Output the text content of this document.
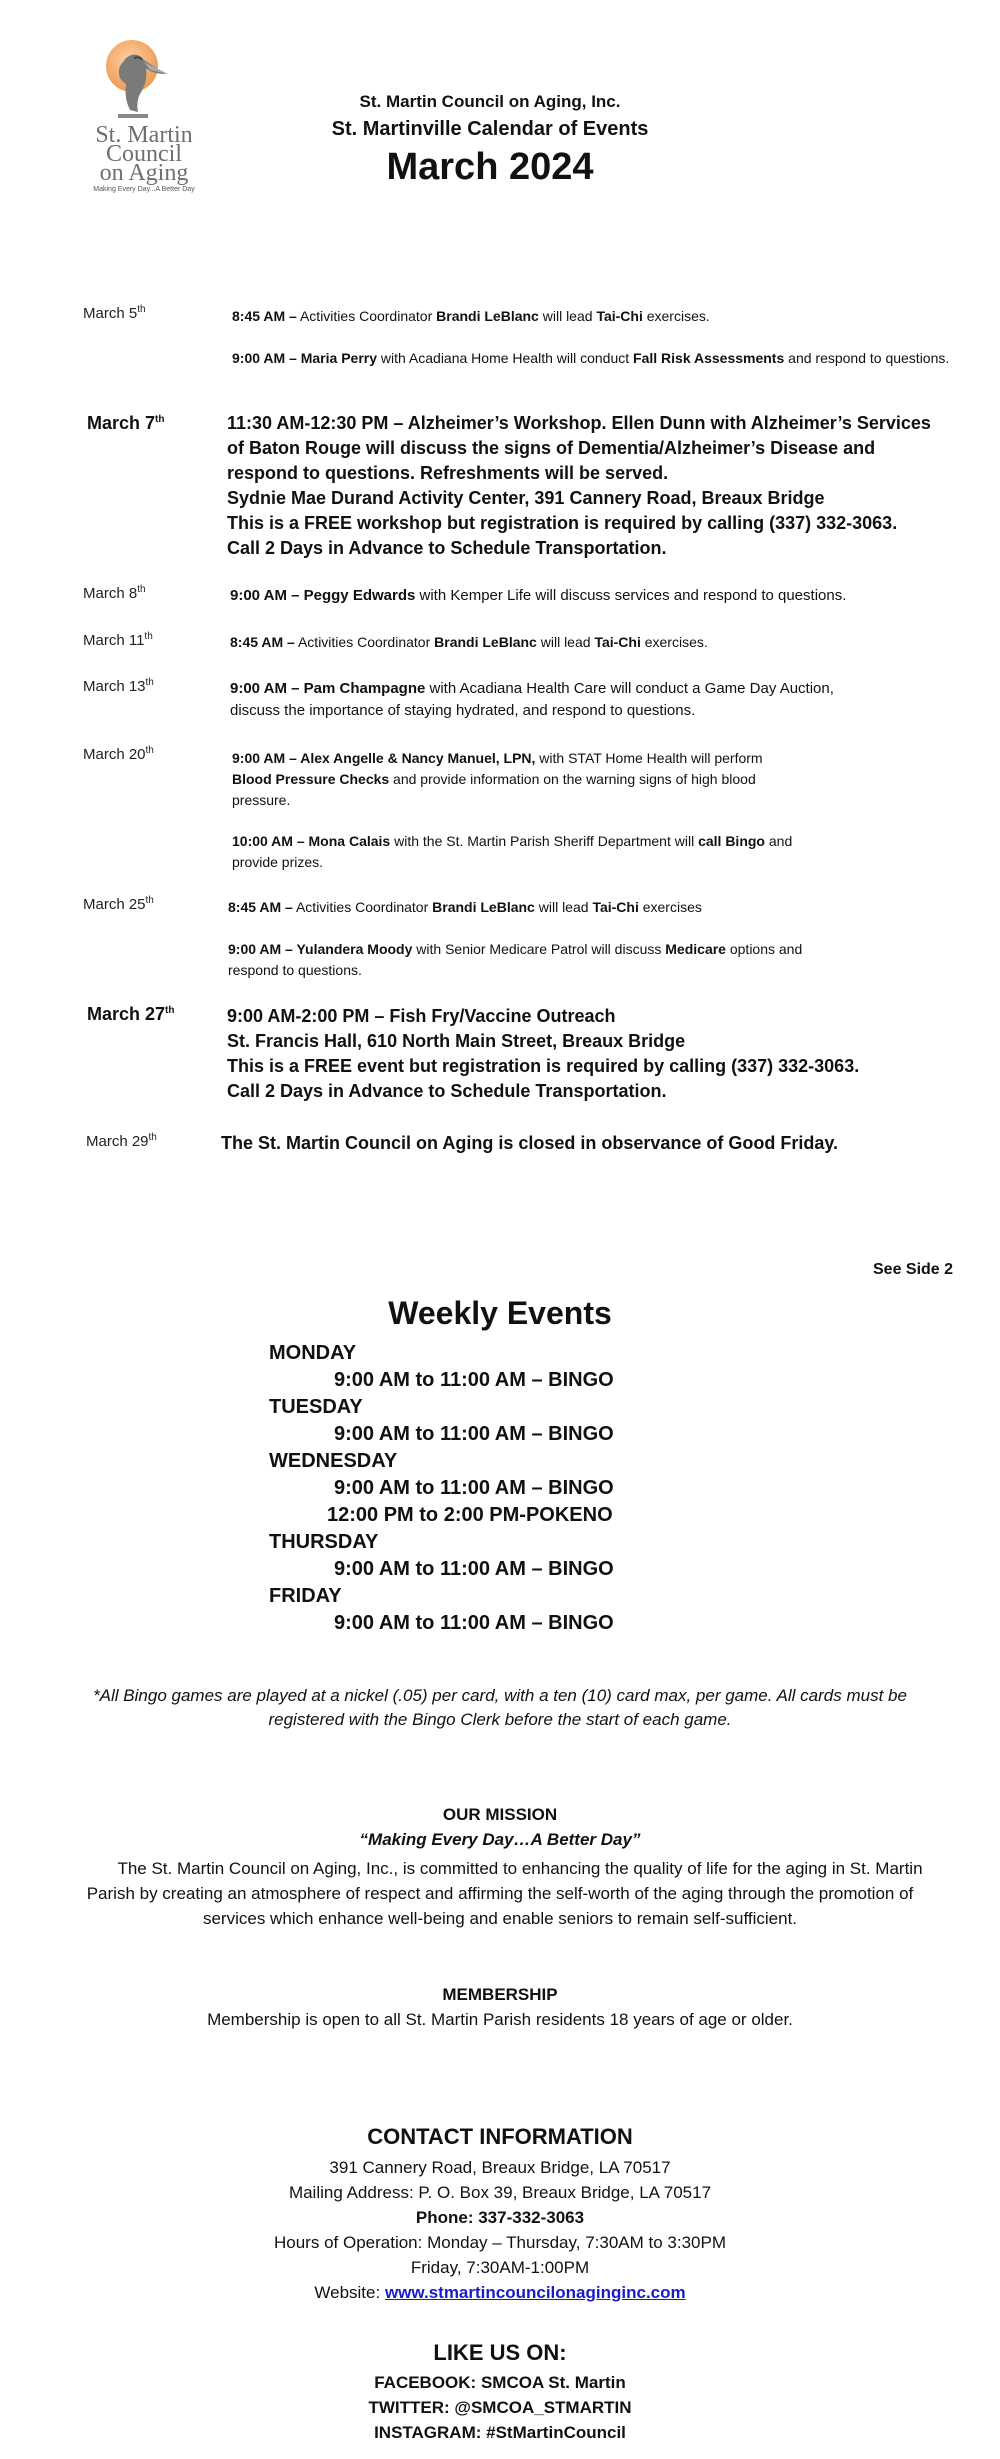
St. Martin
Council
on Aging
Making Every Day...A Better Day
St. Martin Council on Aging, Inc.
St. Martinville Calendar of Events
March 2024
March 5th	8:45 AM – Activities Coordinator Brandi LeBlanc will lead Tai-Chi exercises.
9:00 AM – Maria Perry with Acadiana Home Health will conduct Fall Risk Assessments and respond to questions.
March 7th	11:30 AM-12:30 PM – Alzheimer’s Workshop. Ellen Dunn with Alzheimer’s Services
of Baton Rouge will discuss the signs of Dementia/Alzheimer’s Disease and
respond to questions. Refreshments will be served.
Sydnie Mae Durand Activity Center, 391 Cannery Road, Breaux Bridge
This is a FREE workshop but registration is required by calling (337) 332-3063.
Call 2 Days in Advance to Schedule Transportation.
March 8th	9:00 AM – Peggy Edwards with Kemper Life will discuss services and respond to questions.
March 11th	8:45 AM – Activities Coordinator Brandi LeBlanc will lead Tai-Chi exercises.
March 13th	9:00 AM – Pam Champagne with Acadiana Health Care will conduct a Game Day Auction,
discuss the importance of staying hydrated, and respond to questions.
March 20th	9:00 AM – Alex Angelle & Nancy Manuel, LPN, with STAT Home Health will perform
Blood Pressure Checks and provide information on the warning signs of high blood
pressure.
10:00 AM – Mona Calais with the St. Martin Parish Sheriff Department will call Bingo and
provide prizes.
March 25th	8:45 AM – Activities Coordinator Brandi LeBlanc will lead Tai-Chi exercises
9:00 AM – Yulandera Moody with Senior Medicare Patrol will discuss Medicare options and
respond to questions.
March 27th	9:00 AM-2:00 PM – Fish Fry/Vaccine Outreach
St. Francis Hall, 610 North Main Street, Breaux Bridge
This is a FREE event but registration is required by calling (337) 332-3063.
Call 2 Days in Advance to Schedule Transportation.
March 29th	The St. Martin Council on Aging is closed in observance of Good Friday.
See Side 2
Weekly Events
MONDAY
9:00 AM to 11:00 AM – BINGO
TUESDAY
9:00 AM to 11:00 AM – BINGO
WEDNESDAY
9:00 AM to 11:00 AM – BINGO
12:00 PM to 2:00 PM-POKENO
THURSDAY
9:00 AM to 11:00 AM – BINGO
FRIDAY
9:00 AM to 11:00 AM – BINGO
*All Bingo games are played at a nickel (.05) per card, with a ten (10) card max, per game. All cards must be
registered with the Bingo Clerk before the start of each game.
OUR MISSION
“Making Every Day…A Better Day”
The St. Martin Council on Aging, Inc., is committed to enhancing the quality of life for the aging in St. Martin
Parish by creating an atmosphere of respect and affirming the self-worth of the aging through the promotion of
services which enhance well-being and enable seniors to remain self-sufficient.
MEMBERSHIP
Membership is open to all St. Martin Parish residents 18 years of age or older.
CONTACT INFORMATION
391 Cannery Road, Breaux Bridge, LA 70517
Mailing Address: P. O. Box 39, Breaux Bridge, LA 70517
Phone: 337-332-3063
Hours of Operation: Monday – Thursday, 7:30AM to 3:30PM
Friday, 7:30AM-1:00PM
Website: www.stmartincouncilonaginginc.com
LIKE US ON:
FACEBOOK: SMCOA St. Martin
TWITTER: @SMCOA_STMARTIN
INSTAGRAM: #StMartinCouncil
